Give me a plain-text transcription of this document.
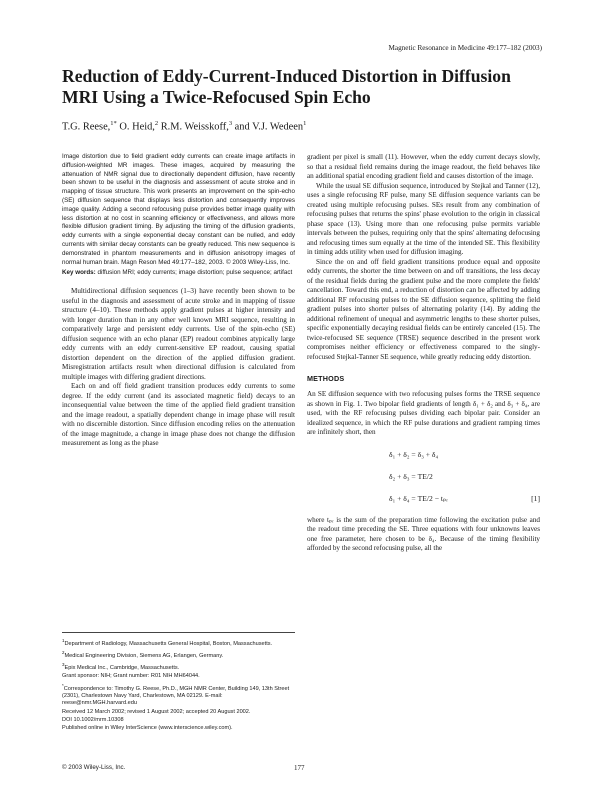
Magnetic Resonance in Medicine 49:177–182 (2003)
Reduction of Eddy-Current-Induced Distortion in Diffusion MRI Using a Twice-Refocused Spin Echo
T.G. Reese,$^{1*}$ O. Heid,$^2$ R.M. Weisskoff,$^3$ and V.J. Wedeen$^1$

Image distortion due to field gradient eddy currents can create image artifacts in diffusion-weighted MR images. These images, acquired by measuring the attenuation of NMR signal due to directionally dependent diffusion, have recently been shown to be useful in the diagnosis and assessment of acute stroke and in mapping of tissue structure. This work presents an improvement on the spin-echo (SE) diffusion sequence that displays less distortion and consequently improves image quality. Adding a second refocusing pulse provides better image quality with less distortion at no cost in scanning efficiency or effectiveness, and allows more flexible diffusion gradient timing. By adjusting the timing of the diffusion gradients, eddy currents with a single exponential decay constant can be nulled, and eddy currents with similar decay constants can be greatly reduced. This new sequence is demonstrated in phantom measurements and in diffusion anisotropy images of normal human brain. Magn Reson Med 49:177–182, 2003. © 2003 Wiley-Liss, Inc.

Key words: diffusion MRI; eddy currents; image distortion; pulse sequence; artifact

Multidirectional diffusion sequences (1–3) have recently been shown to be useful in the diagnosis and assessment of acute stroke and in mapping of tissue structure (4–10). These methods apply gradient pulses at higher intensity and with longer duration than in any other well known MRI sequence, resulting in comparatively large and persistent eddy currents. Use of the spin-echo (SE) diffusion sequence with an echo planar (EP) readout combines atypically large eddy currents with an eddy current-sensitive EP readout, causing spatial distortion dependent on the direction of the applied diffusion gradient. Misregistration artifacts result when directional diffusion is calculated from multiple images with differing gradient directions.

Each on and off field gradient transition produces eddy currents to some degree. If the eddy current (and its associated magnetic field) decays to an inconsequential value between the time of the applied field gradient transition and the image readout, a spatially dependent change in image phase will result with no discernible distortion. Since diffusion encoding relies on the attenuation of the image magnitude, a change in image phase does not change the diffusion measurement as long as the phase

gradient per pixel is small (11). However, when the eddy current decays slowly, so that a residual field remains during the image readout, the field behaves like an additional spatial encoding gradient field and causes distortion of the image.

While the usual SE diffusion sequence, introduced by Stejkal and Tanner (12), uses a single refocusing RF pulse, many SE diffusion sequence variants can be created using multiple refocusing pulses. SEs result from any combination of refocusing pulses that returns the spins' phase evolution to the origin in classical phase space (13). Using more than one refocusing pulse permits variable intervals between the pulses, requiring only that the spins' alternating defocusing and refocusing times sum equally at the time of the intended SE. This flexibility in timing adds utility when used for diffusion imaging.

Since the on and off field gradient transitions produce equal and opposite eddy currents, the shorter the time between on and off transitions, the less decay of the residual fields during the gradient pulse and the more complete the fields' cancellation. Toward this end, a reduction of distortion can be affected by adding additional RF refocusing pulses to the SE diffusion sequence, splitting the field gradient pulses into shorter pulses of alternating polarity (14). By adding the additional refinement of unequal and asymmetric lengths to these shorter pulses, specific exponentially decaying residual fields can be entirely canceled (15). The twice-refocused SE sequence (TRSE) sequence described in the present work compromises neither efficiency or effectiveness compared to the singly-refocused Stejkal-Tanner SE sequence, while greatly reducing eddy distortion.

METHODS

An SE diffusion sequence with two refocusing pulses forms the TRSE sequence as shown in Fig. 1. Two bipolar field gradients of length δ₁ + δ₂ and δ₃ + δ₄, are used, with the RF refocusing pulses dividing each bipolar pair. Consider an idealized sequence, in which the RF pulse durations and gradient ramping times are infinitely short, then

δ₁ + δ₂ = δ₃ + δ₄
δ₂ + δ₃ = TE/2
δ₁ + δ₄ = TE/2 − tₚᵣ	[1]

where tₚᵣ is the sum of the preparation time following the excitation pulse and the readout time preceding the SE. Three equations with four unknowns leaves one free parameter, here chosen to be δ₄. Because of the timing flexibility afforded by the second refocusing pulse, all the

$^1$Department of Radiology, Massachusetts General Hospital, Boston, Massachusetts.

$^2$Medical Engineering Division, Siemens AG, Erlangen, Germany.

$^3$Epix Medical Inc., Cambridge, Massachusetts.

Grant sponsor: NIH; Grant number: R01 NIH MH64044.

*Correspondence to: Timothy G. Reese, Ph.D., MGH NMR Center, Building 149, 13th Street (2301), Charlestown Navy Yard, Charlestown, MA 02129. E-mail: reese@nmr.MGH.harvard.edu

Received 12 March 2002; revised 1 August 2002; accepted 20 August 2002.

DOI 10.1002/mrm.10308

Published online in Wiley InterScience (www.interscience.wiley.com).

© 2003 Wiley-Liss, Inc.	177
